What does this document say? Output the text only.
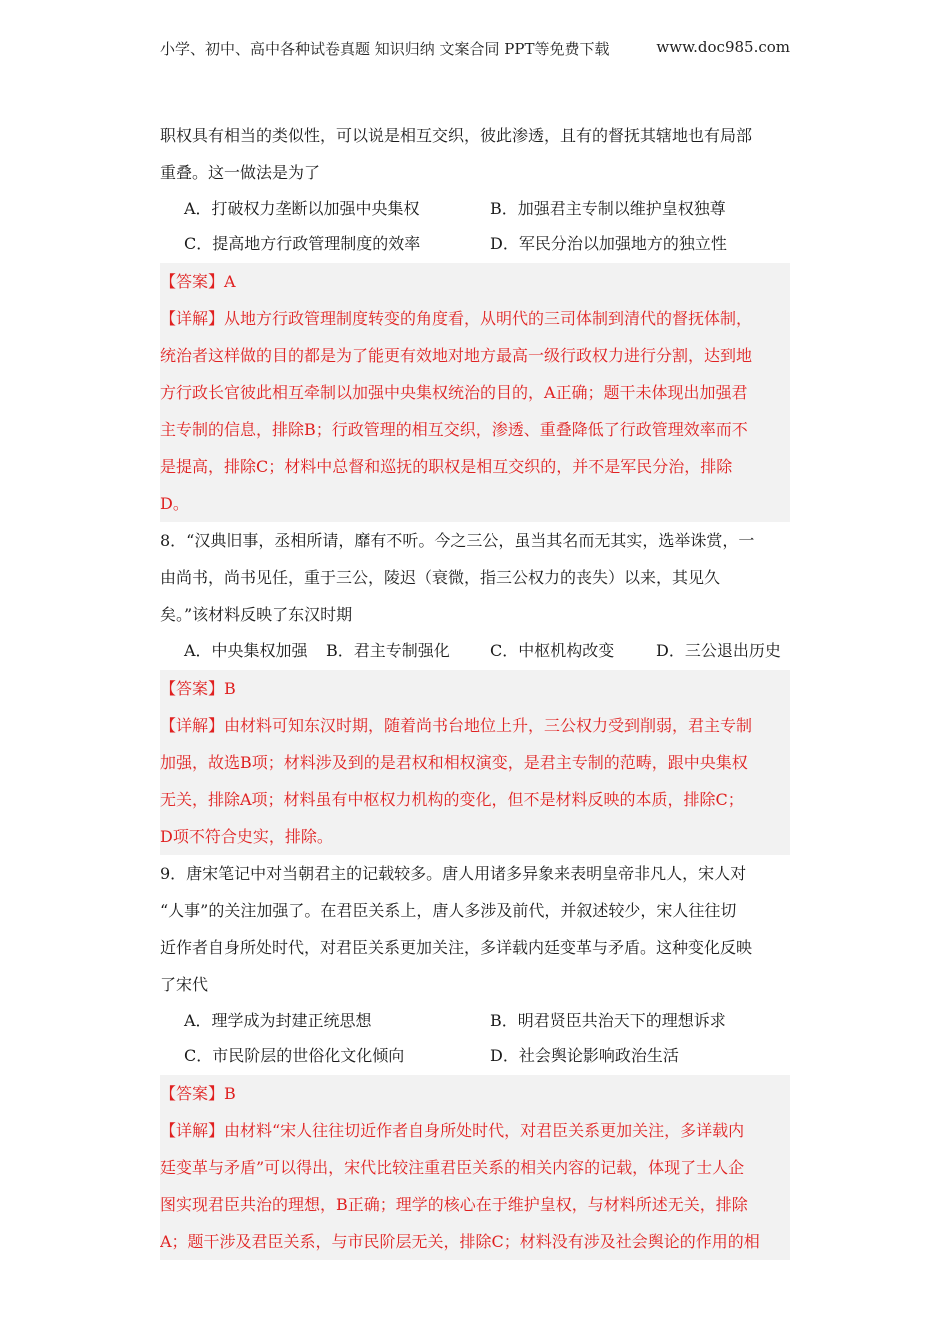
小学、初中、高中各种试卷真题 知识归纳 文案合同 PPT等免费下载	www.doc985.com
职权具有相当的类似性，可以说是相互交织，彼此渗透，且有的督抚其辖地也有局部
重叠。这一做法是为了
A．打破权力垄断以加强中央集权	B．加强君主专制以维护皇权独尊
C．提高地方行政管理制度的效率	D．军民分治以加强地方的独立性
【答案】A
【详解】从地方行政管理制度转变的角度看，从明代的三司体制到清代的督抚体制，
统治者这样做的目的都是为了能更有效地对地方最高一级行政权力进行分割，达到地
方行政长官彼此相互牵制以加强中央集权统治的目的，A正确；题干未体现出加强君
主专制的信息，排除B；行政管理的相互交织，渗透、重叠降低了行政管理效率而不
是提高，排除C；材料中总督和巡抚的职权是相互交织的，并不是军民分治，排除
D。
8．“汉典旧事，丞相所请，靡有不听。今之三公，虽当其名而无其实，选举诛赏，一
由尚书，尚书见任，重于三公，陵迟（衰微，指三公权力的丧失）以来，其见久
矣。”该材料反映了东汉时期
A．中央集权加强 B．君主专制强化	C．中枢机构改变	D．三公退出历史
【答案】B
【详解】由材料可知东汉时期，随着尚书台地位上升，三公权力受到削弱，君主专制
加强，故选B项；材料涉及到的是君权和相权演变，是君主专制的范畴，跟中央集权
无关，排除A项；材料虽有中枢权力机构的变化，但不是材料反映的本质，排除C；
D项不符合史实，排除。
9．唐宋笔记中对当朝君主的记载较多。唐人用诸多异象来表明皇帝非凡人，宋人对
“人事”的关注加强了。在君臣关系上，唐人多涉及前代，并叙述较少，宋人往往切
近作者自身所处时代，对君臣关系更加关注，多详载内廷变革与矛盾。这种变化反映
了宋代
A．理学成为封建正统思想	B．明君贤臣共治天下的理想诉求
C．市民阶层的世俗化文化倾向	D．社会舆论影响政治生活
【答案】B
【详解】由材料“宋人往往切近作者自身所处时代，对君臣关系更加关注，多详载内
廷变革与矛盾”可以得出，宋代比较注重君臣关系的相关内容的记载，体现了士人企
图实现君臣共治的理想，B正确；理学的核心在于维护皇权，与材料所述无关，排除
A；题干涉及君臣关系，与市民阶层无关，排除C；材料没有涉及社会舆论的作用的相
